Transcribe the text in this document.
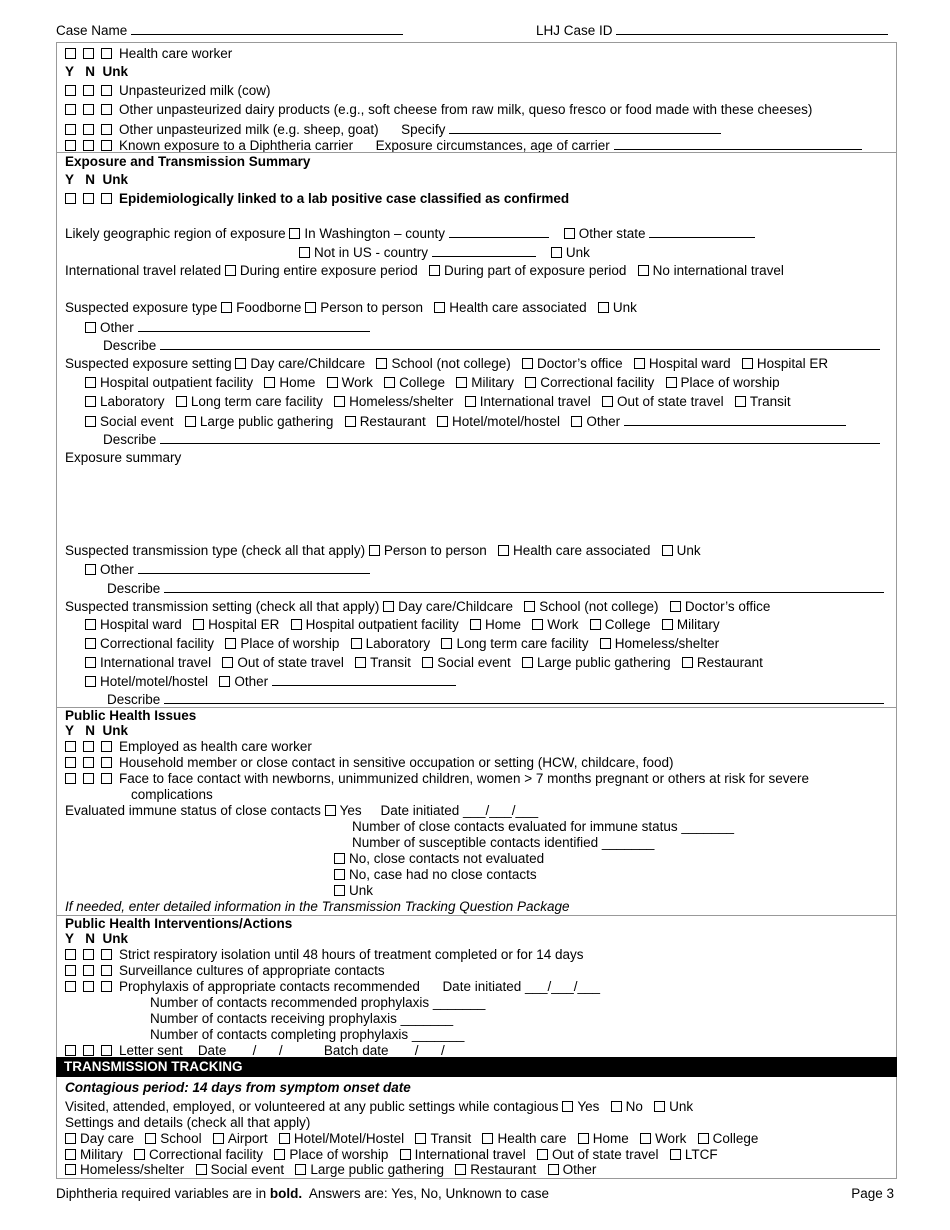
Case Name	LHJ Case ID
Health care worker
Y N Unk
Unpasteurized milk (cow)
Other unpasteurized dairy products (e.g., soft cheese from raw milk, queso fresco or food made with these cheeses)
Other unpasteurized milk (e.g. sheep, goat) Specify
Known exposure to a Diphtheria carrier Exposure circumstances, age of carrier
Exposure and Transmission Summary
Y N Unk
Epidemiologically linked to a lab positive case classified as confirmed
Likely geographic region of exposure In Washington – county	Other state
Not in US - country	Unk
International travel related During entire exposure period During part of exposure period No international travel
Suspected exposure type Foodborne Person to person Health care associated Unk
Other
Describe
Suspected exposure setting Day care/Childcare School (not college) Doctor’s office Hospital ward Hospital ER
Hospital outpatient facility Home Work College Military Correctional facility Place of worship
Laboratory Long term care facility Homeless/shelter International travel Out of state travel Transit
Social event Large public gathering Restaurant Hotel/motel/hostel Other
Describe
Exposure summary
Suspected transmission type (check all that apply) Person to person Health care associated Unk
Other
Describe
Suspected transmission setting (check all that apply) Day care/Childcare School (not college) Doctor’s office
Hospital ward Hospital ER Hospital outpatient facility Home Work College Military
Correctional facility Place of worship Laboratory Long term care facility Homeless/shelter
International travel Out of state travel Transit Social event Large public gathering Restaurant
Hotel/motel/hostel Other
Describe
Public Health Issues
Y N Unk
Employed as health care worker
Household member or close contact in sensitive occupation or setting (HCW, childcare, food)
Face to face contact with newborns, unimmunized children, women > 7 months pregnant or others at risk for severe
complications
Evaluated immune status of close contacts Yes Date initiated ___/___/___
Number of close contacts evaluated for immune status _______
Number of susceptible contacts identified _______
No, close contacts not evaluated
No, case had no close contacts
Unk
If needed, enter detailed information in the Transmission Tracking Question Package
Public Health Interventions/Actions
Y N Unk
Strict respiratory isolation until 48 hours of treatment completed or for 14 days
Surveillance cultures of appropriate contacts
Prophylaxis of appropriate contacts recommended Date initiated ___/___/___
Number of contacts recommended prophylaxis _______
Number of contacts receiving prophylaxis _______
Number of contacts completing prophylaxis _______
Letter sent Date ___/___/___ Batch date ___/___/___
TRANSMISSION TRACKING
Contagious period: 14 days from symptom onset date
Visited, attended, employed, or volunteered at any public settings while contagious Yes No Unk
Settings and details (check all that apply)
Day care School Airport Hotel/Motel/Hostel Transit Health care Home Work College
Military Correctional facility Place of worship International travel Out of state travel LTCF
Homeless/shelter Social event Large public gathering Restaurant Other
Diphtheria required variables are in bold. Answers are: Yes, No, Unknown to case	Page 3
